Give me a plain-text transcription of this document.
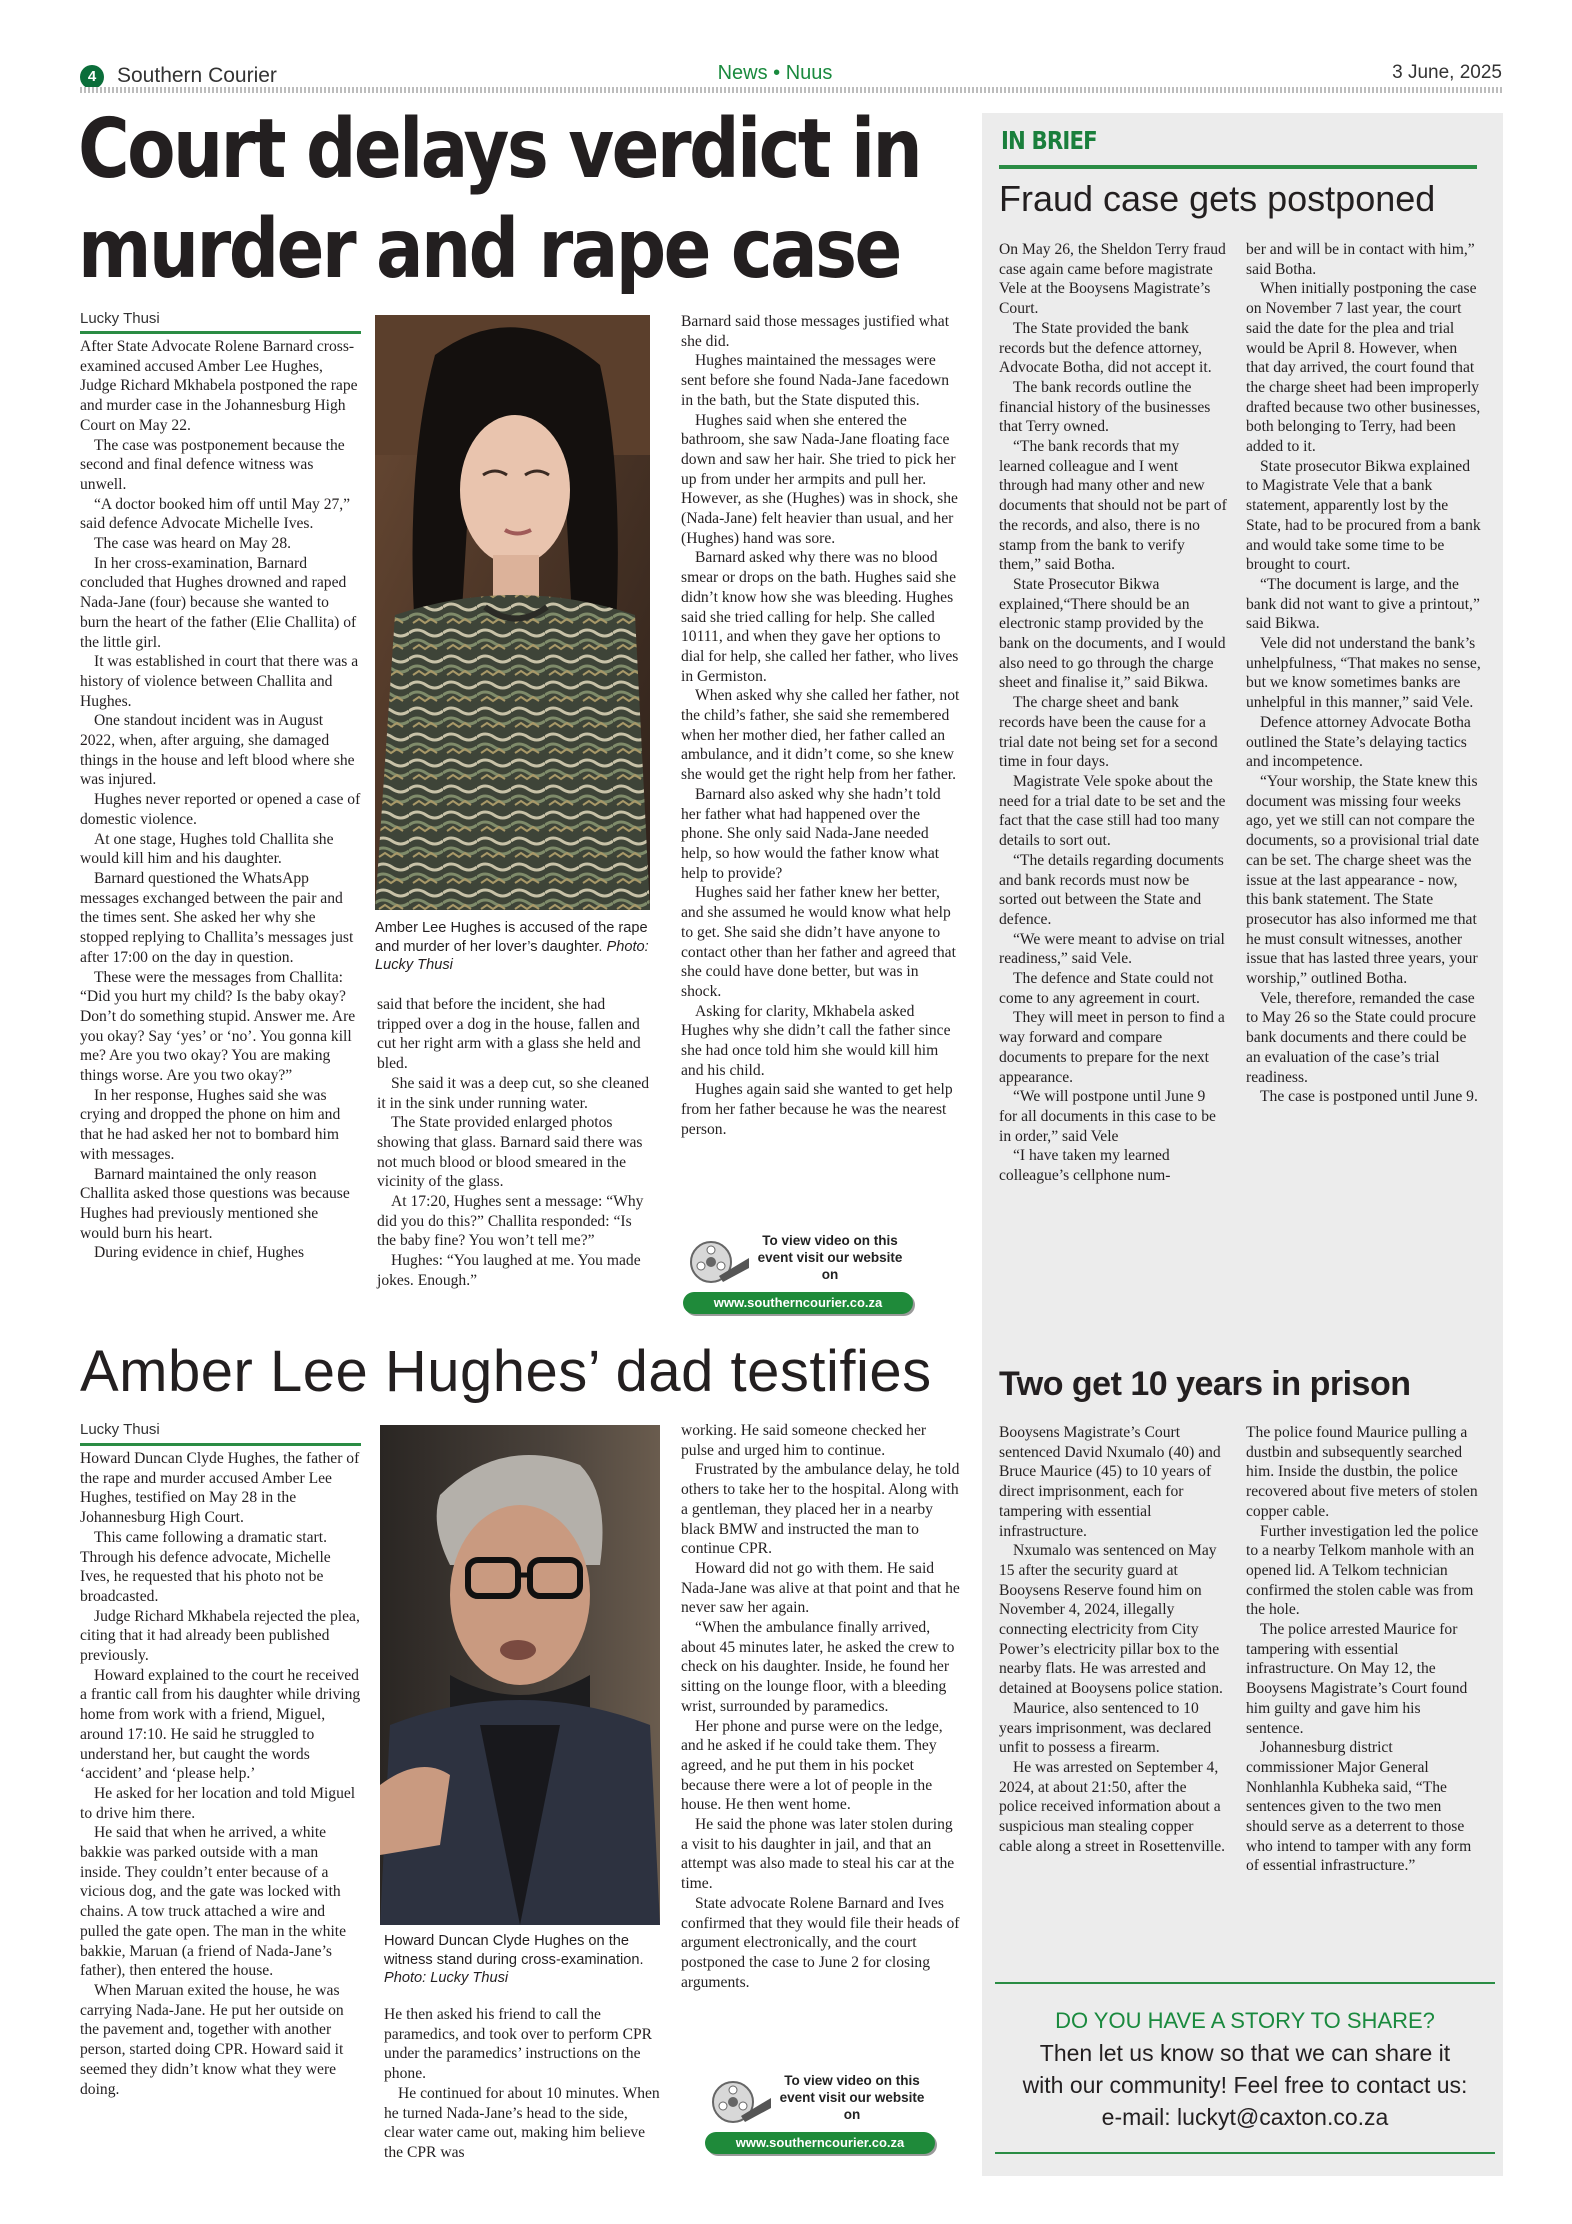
4 Southern Courier	News • Nuus	3 June, 2025
Court delays verdict in
murder and rape case
Lucky Thusi

After State Advocate Rolene Barnard cross-examined accused Amber Lee Hughes, Judge Richard Mkhabela postponed the rape and murder case in the Johannesburg High Court on May 22.

The case was postponement because the second and final defence witness was unwell.

“A doctor booked him off until May 27,” said defence Advocate Michelle Ives.

The case was heard on May 28.

In her cross-examination, Barnard concluded that Hughes drowned and raped Nada-Jane (four) because she wanted to burn the heart of the father (Elie Challita) of the little girl.

It was established in court that there was a history of violence between Challita and Hughes.

One standout incident was in August 2022, when, after arguing, she damaged things in the house and left blood where she was injured.

Hughes never reported or opened a case of domestic violence.

At one stage, Hughes told Challita she would kill him and his daughter.

Barnard questioned the WhatsApp messages exchanged between the pair and the times sent. She asked her why she stopped replying to Challita’s messages just after 17:00 on the day in question.

These were the messages from Challita: “Did you hurt my child? Is the baby okay? Don’t do something stupid. Answer me. Are you okay? Say ‘yes’ or ‘no’. You gonna kill me? Are you two okay? You are making things worse. Are you two okay?”

In her response, Hughes said she was crying and dropped the phone on him and that he had asked her not to bombard him with messages.

Barnard maintained the only reason Challita asked those questions was because Hughes had previously mentioned she would burn his heart.

During evidence in chief, Hughes

Amber Lee Hughes is accused of the rape and murder of her lover’s daughter. Photo: Lucky Thusi

said that before the incident, she had tripped over a dog in the house, fallen and cut her right arm with a glass she held and bled.

She said it was a deep cut, so she cleaned it in the sink under running water.

The State provided enlarged photos showing that glass. Barnard said there was not much blood or blood smeared in the vicinity of the glass.

At 17:20, Hughes sent a message: “Why did you do this?” Challita responded: “Is the baby fine? You won’t tell me?”

Hughes: “You laughed at me. You made jokes. Enough.”

Barnard said those messages justified what she did.

Hughes maintained the messages were sent before she found Nada-Jane facedown in the bath, but the State disputed this.

Hughes said when she entered the bathroom, she saw Nada-Jane floating face down and saw her hair. She tried to pick her up from under her armpits and pull her. However, as she (Hughes) was in shock, she (Nada-Jane) felt heavier than usual, and her (Hughes) hand was sore.

Barnard asked why there was no blood smear or drops on the bath. Hughes said she didn’t know how she was bleeding. Hughes said she tried calling for help. She called 10111, and when they gave her options to dial for help, she called her father, who lives in Germiston.

When asked why she called her father, not the child’s father, she said she remembered when her mother died, her father called an ambulance, and it didn’t come, so she knew she would get the right help from her father.

Barnard also asked why she hadn’t told her father what had happened over the phone. She only said Nada-Jane needed help, so how would the father know what help to provide?

Hughes said her father knew her better, and she assumed he would know what help to get. She said she didn’t have anyone to contact other than her father and agreed that she could have done better, but was in shock.

Asking for clarity, Mkhabela asked Hughes why she didn’t call the father since she had once told him she would kill him and his child.

Hughes again said she wanted to get help from her father because he was the nearest person.

To view video on this event visit our website on
www.southerncourier.co.za
Amber Lee Hughes’ dad testifies
Lucky Thusi

Howard Duncan Clyde Hughes, the father of the rape and murder accused Amber Lee Hughes, testified on May 28 in the Johannesburg High Court.

This came following a dramatic start. Through his defence advocate, Michelle Ives, he requested that his photo not be broadcasted.

Judge Richard Mkhabela rejected the plea, citing that it had already been published previously.

Howard explained to the court he received a frantic call from his daughter while driving home from work with a friend, Miguel, around 17:10. He said he struggled to understand her, but caught the words ‘accident’ and ‘please help.’

He asked for her location and told Miguel to drive him there.

He said that when he arrived, a white bakkie was parked outside with a man inside. They couldn’t enter because of a vicious dog, and the gate was locked with chains. A tow truck attached a wire and pulled the gate open. The man in the white bakkie, Maruan (a friend of Nada-Jane’s father), then entered the house.

When Maruan exited the house, he was carrying Nada-Jane. He put her outside on the pavement and, together with another person, started doing CPR. Howard said it seemed they didn’t know what they were doing.

Howard Duncan Clyde Hughes on the witness stand during cross-examination. Photo: Lucky Thusi

He then asked his friend to call the paramedics, and took over to perform CPR under the paramedics’ instructions on the phone.

He continued for about 10 minutes. When he turned Nada-Jane’s head to the side, clear water came out, making him believe the CPR was

working. He said someone checked her pulse and urged him to continue.

Frustrated by the ambulance delay, he told others to take her to the hospital. Along with a gentleman, they placed her in a nearby black BMW and instructed the man to continue CPR.

Howard did not go with them. He said Nada-Jane was alive at that point and that he never saw her again.

“When the ambulance finally arrived, about 45 minutes later, he asked the crew to check on his daughter. Inside, he found her sitting on the lounge floor, with a bleeding wrist, surrounded by paramedics.

Her phone and purse were on the ledge, and he asked if he could take them. They agreed, and he put them in his pocket because there were a lot of people in the house. He then went home.

He said the phone was later stolen during a visit to his daughter in jail, and that an attempt was also made to steal his car at the time.

State advocate Rolene Barnard and Ives confirmed that they would file their heads of argument electronically, and the court postponed the case to June 2 for closing arguments.

To view video on this event visit our website on
www.southerncourier.co.za
IN BRIEF
Fraud case gets postponed

On May 26, the Sheldon Terry fraud case again came before magistrate Vele at the Booysens Magistrate’s Court.

The State provided the bank records but the defence attorney, Advocate Botha, did not accept it.

The bank records outline the financial history of the businesses that Terry owned.

“The bank records that my learned colleague and I went through had many other and new documents that should not be part of the records, and also, there is no stamp from the bank to verify them,” said Botha.

State Prosecutor Bikwa explained,“There should be an electronic stamp provided by the bank on the documents, and I would also need to go through the charge sheet and finalise it,” said Bikwa.

The charge sheet and bank records have been the cause for a trial date not being set for a second time in four days.

Magistrate Vele spoke about the need for a trial date to be set and the fact that the case still had too many details to sort out.

“The details regarding documents and bank records must now be sorted out between the State and defence.

“We were meant to advise on trial readiness,” said Vele.

The defence and State could not come to any agreement in court.

They will meet in person to find a way forward and compare documents to prepare for the next appearance.

“We will postpone until June 9 for all documents in this case to be in order,” said Vele

“I have taken my learned colleague’s cellphone num-

ber and will be in contact with him,” said Botha.

When initially postponing the case on November 7 last year, the court said the date for the plea and trial would be April 8. However, when that day arrived, the court found that the charge sheet had been improperly drafted because two other businesses, both belonging to Terry, had been added to it.

State prosecutor Bikwa explained to Magistrate Vele that a bank statement, apparently lost by the State, had to be procured from a bank and would take some time to be brought to court.

“The document is large, and the bank did not want to give a printout,” said Bikwa.

Vele did not understand the bank’s unhelpfulness, “That makes no sense, but we know sometimes banks are unhelpful in this manner,” said Vele.

Defence attorney Advocate Botha outlined the State’s delaying tactics and incompetence.

“Your worship, the State knew this document was missing four weeks ago, yet we still can not compare the documents, so a provisional trial date can be set. The charge sheet was the issue at the last appearance - now, this bank statement. The State prosecutor has also informed me that he must consult witnesses, another issue that has lasted three years, your worship,” outlined Botha.

Vele, therefore, remanded the case to May 26 so the State could procure bank documents and there could be an evaluation of the case’s trial readiness.

The case is postponed until June 9.

Two get 10 years in prison

Booysens Magistrate’s Court sentenced David Nxumalo (40) and Bruce Maurice (45) to 10 years of direct imprisonment, each for tampering with essential infrastructure.

Nxumalo was sentenced on May 15 after the security guard at Booysens Reserve found him on November 4, 2024, illegally connecting electricity from City Power’s electricity pillar box to the nearby flats. He was arrested and detained at Booysens police station.

Maurice, also sentenced to 10 years imprisonment, was declared unfit to possess a firearm.

He was arrested on September 4, 2024, at about 21:50, after the police received information about a suspicious man stealing copper cable along a street in Rosettenville.

The police found Maurice pulling a dustbin and subsequently searched him. Inside the dustbin, the police recovered about five meters of stolen copper cable.

Further investigation led the police to a nearby Telkom manhole with an opened lid. A Telkom technician confirmed the stolen cable was from the hole.

The police arrested Maurice for tampering with essential infrastructure. On May 12, the Booysens Magistrate’s Court found him guilty and gave him his sentence.

Johannesburg district commissioner Major General Nonhlanhla Kubheka said, “The sentences given to the two men should serve as a deterrent to those who intend to tamper with any form of essential infrastructure.”

DO YOU HAVE A STORY TO SHARE?
Then let us know so that we can share it
with our community! Feel free to contact us:
e-mail: luckyt@caxton.co.za
